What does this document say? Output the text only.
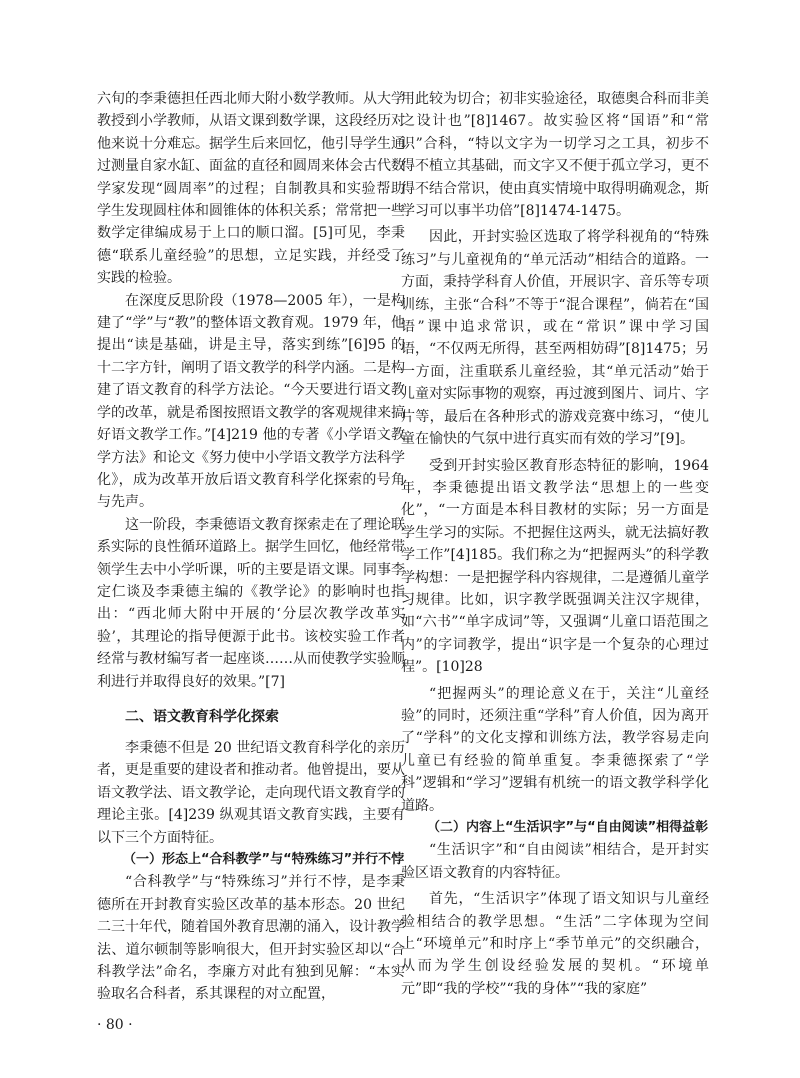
六旬的李秉德担任西北师大附小数学教师。从大学教授到小学教师，从语文课到数学课，这段经历对他来说十分难忘。据学生后来回忆，他引导学生通过测量自家水缸、面盆的直径和圆周来体会古代数学家发现“圆周率”的过程；自制教具和实验帮助学生发现圆柱体和圆锥体的体积关系；常常把一些数学定律编成易于上口的顺口溜。[5]可见，李秉德“联系儿童经验”的思想，立足实践，并经受了实践的检验。

在深度反思阶段（1978—2005 年），一是构建了“学”与“教”的整体语文教育观。1979 年，他提出“读是基础，讲是主导，落实到练”[6]95 的十二字方针，阐明了语文教学的科学内涵。二是构建了语文教育的科学方法论。“今天要进行语文教学的改革，就是希图按照语文教学的客观规律来搞好语文教学工作。”[4]219 他的专著《小学语文教学方法》和论文《努力使中小学语文教学方法科学化》，成为改革开放后语文教育科学化探索的号角与先声。

这一阶段，李秉德语文教育探索走在了理论联系实际的良性循环道路上。据学生回忆，他经常带领学生去中小学听课，听的主要是语文课。同事李定仁谈及李秉德主编的《教学论》的影响时也指出：“西北师大附中开展的‘分层次教学改革实验’，其理论的指导便源于此书。该校实验工作者经常与教材编写者一起座谈……从而使教学实验顺利进行并取得良好的效果。”[7]

二、语文教育科学化探索

李秉德不但是 20 世纪语文教育科学化的亲历者，更是重要的建设者和推动者。他曾提出，要从语文教学法、语文教学论，走向现代语文教育学的理论主张。[4]239 纵观其语文教育实践，主要有以下三个方面特征。

（一）形态上“合科教学”与“特殊练习”并行不悖

“合科教学”与“特殊练习”并行不悖，是李秉德所在开封教育实验区改革的基本形态。20 世纪二三十年代，随着国外教育思潮的涌入，设计教学法、道尔顿制等影响很大，但开封实验区却以“合科教学法”命名，李廉方对此有独到见解：“本实验取名合科者，系其课程的对立配置，

用此较为切合；初非实验途径，取德奥合科而非美之设计也”[8]1467。故实验区将“国语”和“常识”合科，“特以文字为一切学习之工具，初步不得不植立其基础，而文字又不便于孤立学习，更不得不结合常识，使由真实情境中取得明确观念，斯学习可以事半功倍”[8]1474-1475。

因此，开封实验区选取了将学科视角的“特殊练习”与儿童视角的“单元活动”相结合的道路。一方面，秉持学科育人价值，开展识字、音乐等专项训练，主张“合科”不等于“混合课程”，倘若在“国语”课中追求常识，或在“常识”课中学习国语，“不仅两无所得，甚至两相妨碍”[8]1475；另一方面，注重联系儿童经验，其“单元活动”始于儿童对实际事物的观察，再过渡到图片、词片、字片等，最后在各种形式的游戏竞赛中练习，“使儿童在愉快的气氛中进行真实而有效的学习”[9]。

受到开封实验区教育形态特征的影响，1964 年，李秉德提出语文教学法“思想上的一些变化”，“一方面是本科目教材的实际；另一方面是学生学习的实际。不把握住这两头，就无法搞好教学工作”[4]185。我们称之为“把握两头”的科学教学构想：一是把握学科内容规律，二是遵循儿童学习规律。比如，识字教学既强调关注汉字规律，如“六书”“单字成词”等，又强调“儿童口语范围之内”的字词教学，提出“识字是一个复杂的心理过程”。[10]28

“把握两头”的理论意义在于，关注“儿童经验”的同时，还须注重“学科”育人价值，因为离开了“学科”的文化支撑和训练方法，教学容易走向儿童已有经验的简单重复。李秉德探索了“学科”逻辑和“学习”逻辑有机统一的语文教学科学化道路。

（二）内容上“生活识字”与“自由阅读”相得益彰

“生活识字”和“自由阅读”相结合，是开封实验区语文教育的内容特征。

首先，“生活识字”体现了语文知识与儿童经验相结合的教学思想。“生活”二字体现为空间上“环境单元”和时序上“季节单元”的交织融合，从而为学生创设经验发展的契机。“环境单元”即“我的学校”“我的身体”“我的家庭”

· 80 ·
